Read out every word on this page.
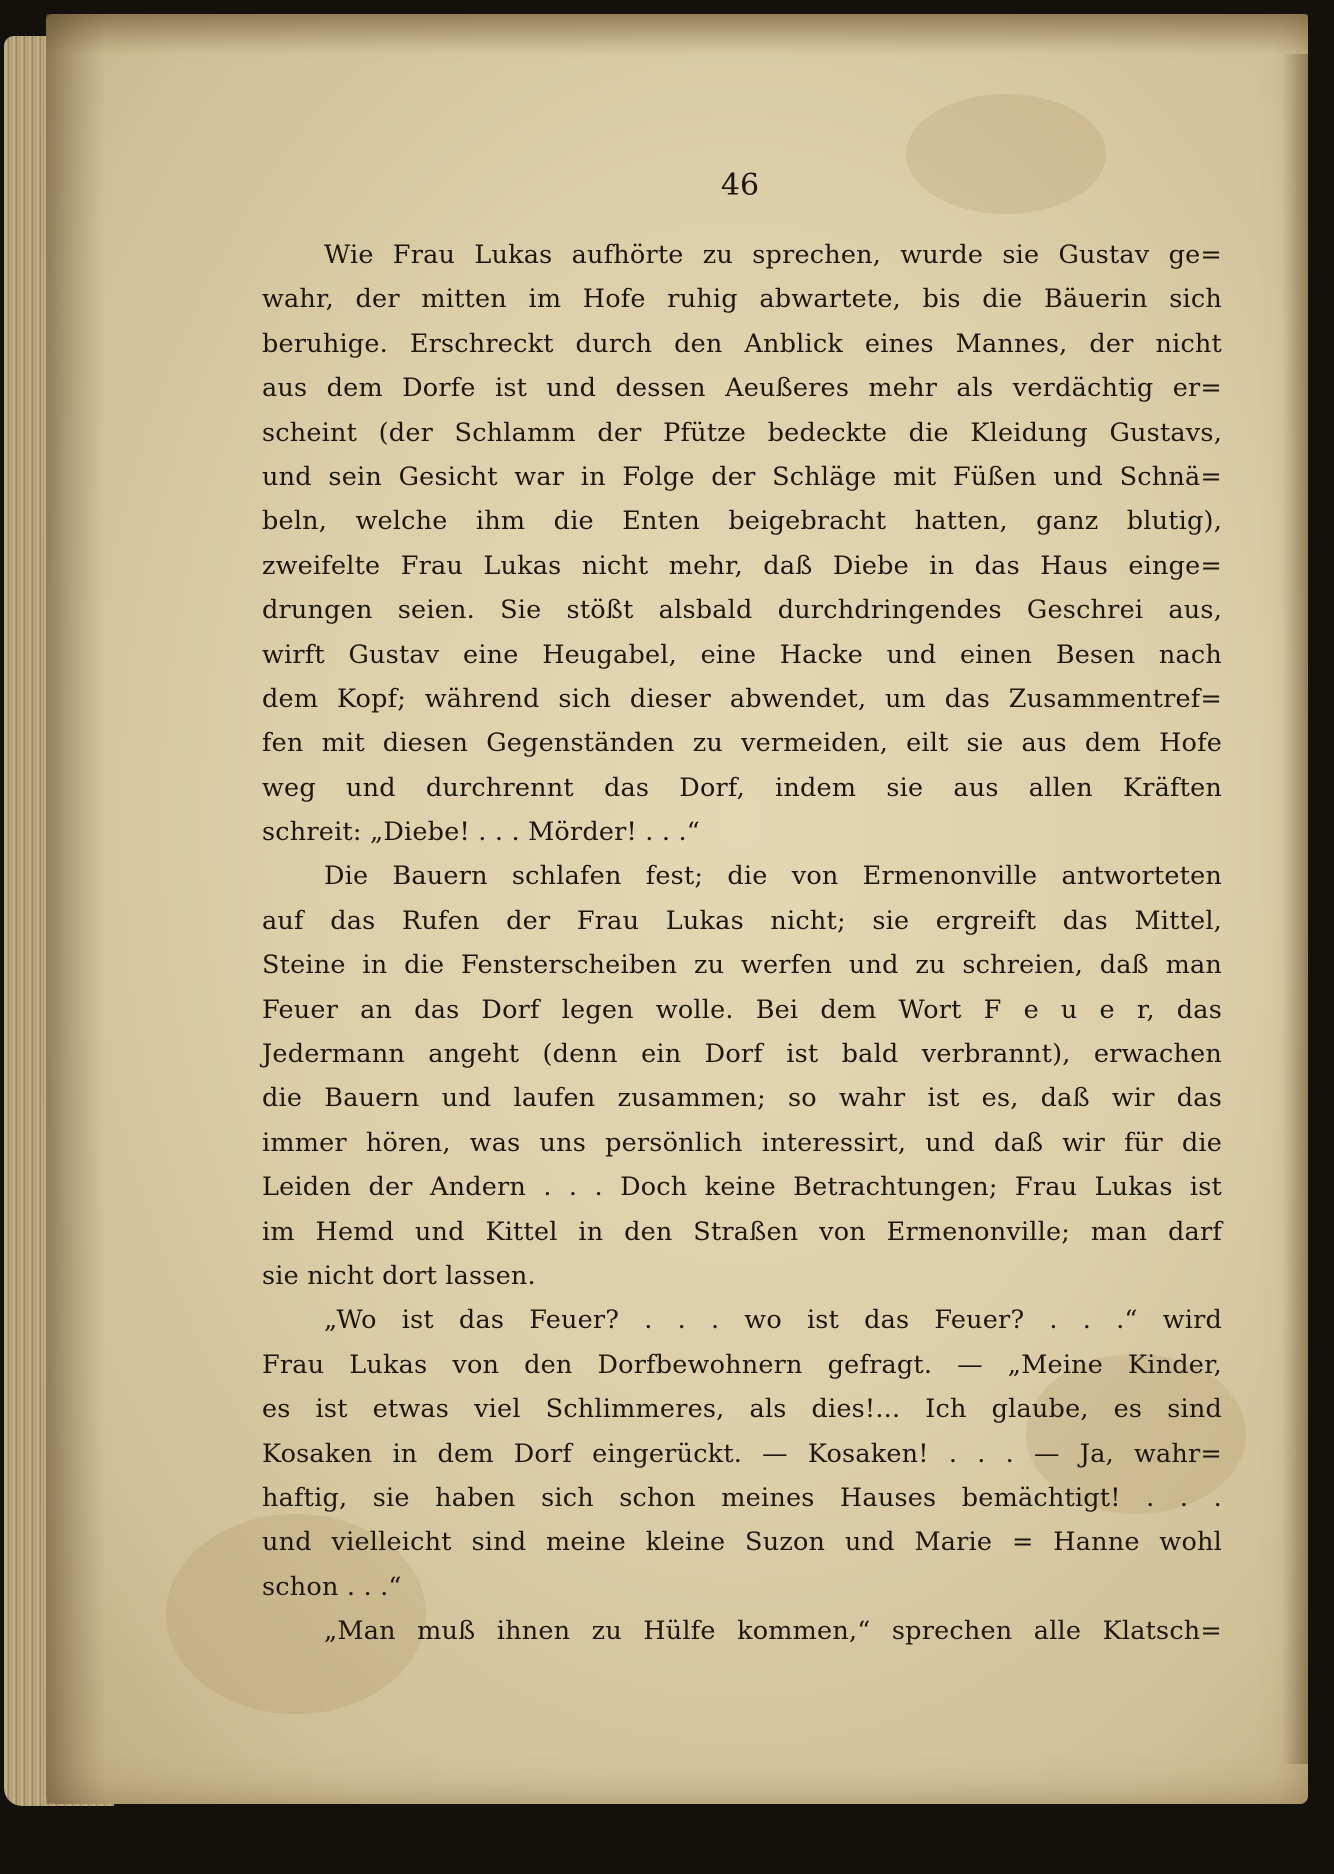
46
Wie Frau Lukas aufhörte zu sprechen, wurde sie Gustav ge=
wahr, der mitten im Hofe ruhig abwartete, bis die Bäuerin sich
beruhige. Erschreckt durch den Anblick eines Mannes, der nicht
aus dem Dorfe ist und dessen Aeußeres mehr als verdächtig er=
scheint (der Schlamm der Pfütze bedeckte die Kleidung Gustavs,
und sein Gesicht war in Folge der Schläge mit Füßen und Schnä=
beln, welche ihm die Enten beigebracht hatten, ganz blutig),
zweifelte Frau Lukas nicht mehr, daß Diebe in das Haus einge=
drungen seien. Sie stößt alsbald durchdringendes Geschrei aus,
wirft Gustav eine Heugabel, eine Hacke und einen Besen nach
dem Kopf; während sich dieser abwendet, um das Zusammentref=
fen mit diesen Gegenständen zu vermeiden, eilt sie aus dem Hofe
weg und durchrennt das Dorf, indem sie aus allen Kräften
schreit: „Diebe! . . . Mörder! . . .“
Die Bauern schlafen fest; die von Ermenonville antworteten
auf das Rufen der Frau Lukas nicht; sie ergreift das Mittel,
Steine in die Fensterscheiben zu werfen und zu schreien, daß man
Feuer an das Dorf legen wolle. Bei dem Wort F e u e r, das
Jedermann angeht (denn ein Dorf ist bald verbrannt), erwachen
die Bauern und laufen zusammen; so wahr ist es, daß wir das
immer hören, was uns persönlich interessirt, und daß wir für die
Leiden der Andern . . . Doch keine Betrachtungen; Frau Lukas ist
im Hemd und Kittel in den Straßen von Ermenonville; man darf
sie nicht dort lassen.
„Wo ist das Feuer? . . . wo ist das Feuer? . . .“ wird
Frau Lukas von den Dorfbewohnern gefragt. — „Meine Kinder,
es ist etwas viel Schlimmeres, als dies!... Ich glaube, es sind
Kosaken in dem Dorf eingerückt. — Kosaken! . . . — Ja, wahr=
haftig, sie haben sich schon meines Hauses bemächtigt! . . .
und vielleicht sind meine kleine Suzon und Marie = Hanne wohl
schon . . .“
„Man muß ihnen zu Hülfe kommen,“ sprechen alle Klatsch=
